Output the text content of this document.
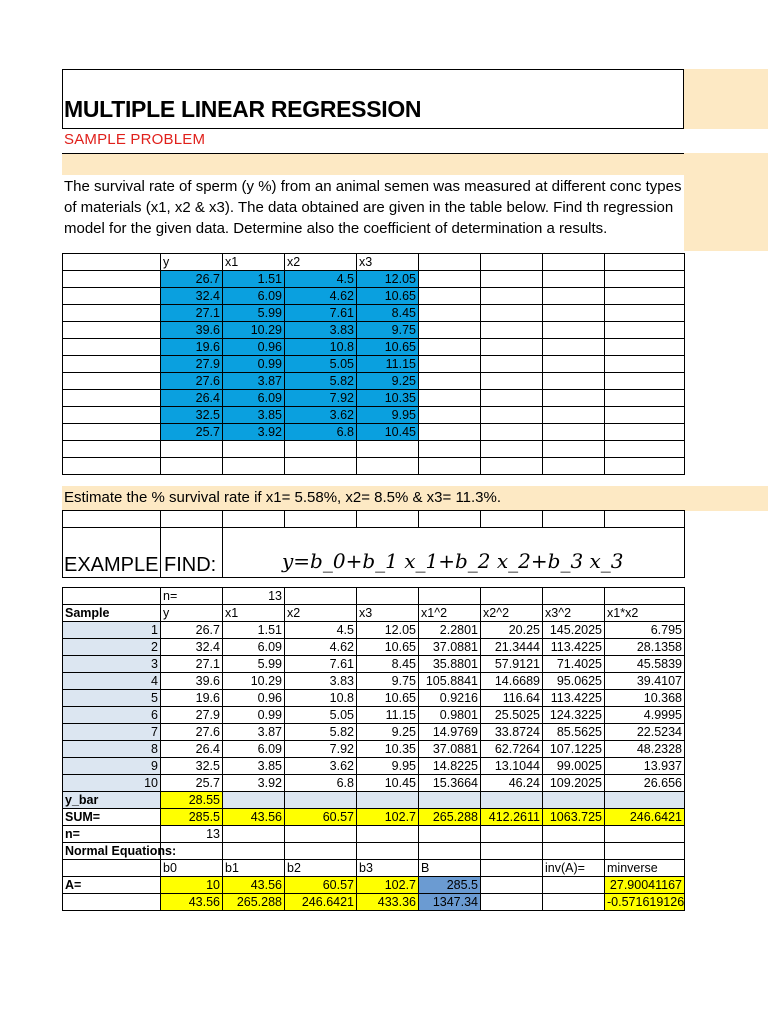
MULTIPLE LINEAR REGRESSION
SAMPLE PROBLEM
The survival rate of sperm (y %) from an animal semen was measured at different conc types of materials (x1, x2 & x3). The data obtained are given in the table below. Find th regression model for the given data. Determine also the coefficient of determination a results.
	y	x1	x2	x3				
	26.7	1.51	4.5	12.05				
	32.4	6.09	4.62	10.65				
	27.1	5.99	7.61	8.45				
	39.6	10.29	3.83	9.75				
	19.6	0.96	10.8	10.65				
	27.9	0.99	5.05	11.15				
	27.6	3.87	5.82	9.25				
	26.4	6.09	7.92	10.35				
	32.5	3.85	3.62	9.95				
	25.7	3.92	6.8	10.45				

Estimate the % survival rate if x1= 5.58%, x2= 8.5% & x3= 11.3%.

EXAMPLE FIND:	y=b_0+b_1 x_1+b_2 x_2+b_3 x_3
	n=	13						
Sample	y	x1	x2	x3	x1^2	x2^2	x3^2	x1*x2
1	26.7	1.51	4.5	12.05	2.2801	20.25	145.2025	6.795
2	32.4	6.09	4.62	10.65	37.0881	21.3444	113.4225	28.1358
3	27.1	5.99	7.61	8.45	35.8801	57.9121	71.4025	45.5839
4	39.6	10.29	3.83	9.75	105.8841	14.6689	95.0625	39.4107
5	19.6	0.96	10.8	10.65	0.9216	116.64	113.4225	10.368
6	27.9	0.99	5.05	11.15	0.9801	25.5025	124.3225	4.9995
7	27.6	3.87	5.82	9.25	14.9769	33.8724	85.5625	22.5234
8	26.4	6.09	7.92	10.35	37.0881	62.7264	107.1225	48.2328
9	32.5	3.85	3.62	9.95	14.8225	13.1044	99.0025	13.937
10	25.7	3.92	6.8	10.45	15.3664	46.24	109.2025	26.656
y_bar	28.55							
SUM=	285.5	43.56	60.57	102.7	265.288	412.2611	1063.725	246.6421
n=	13							
Normal Equations:								
	b0	b1	b2	b3	B		inv(A)=	minverse
A=	10	43.56	60.57	102.7	285.5			27.90041167
	43.56	265.288	246.6421	433.36	1347.34			-0.571619126
